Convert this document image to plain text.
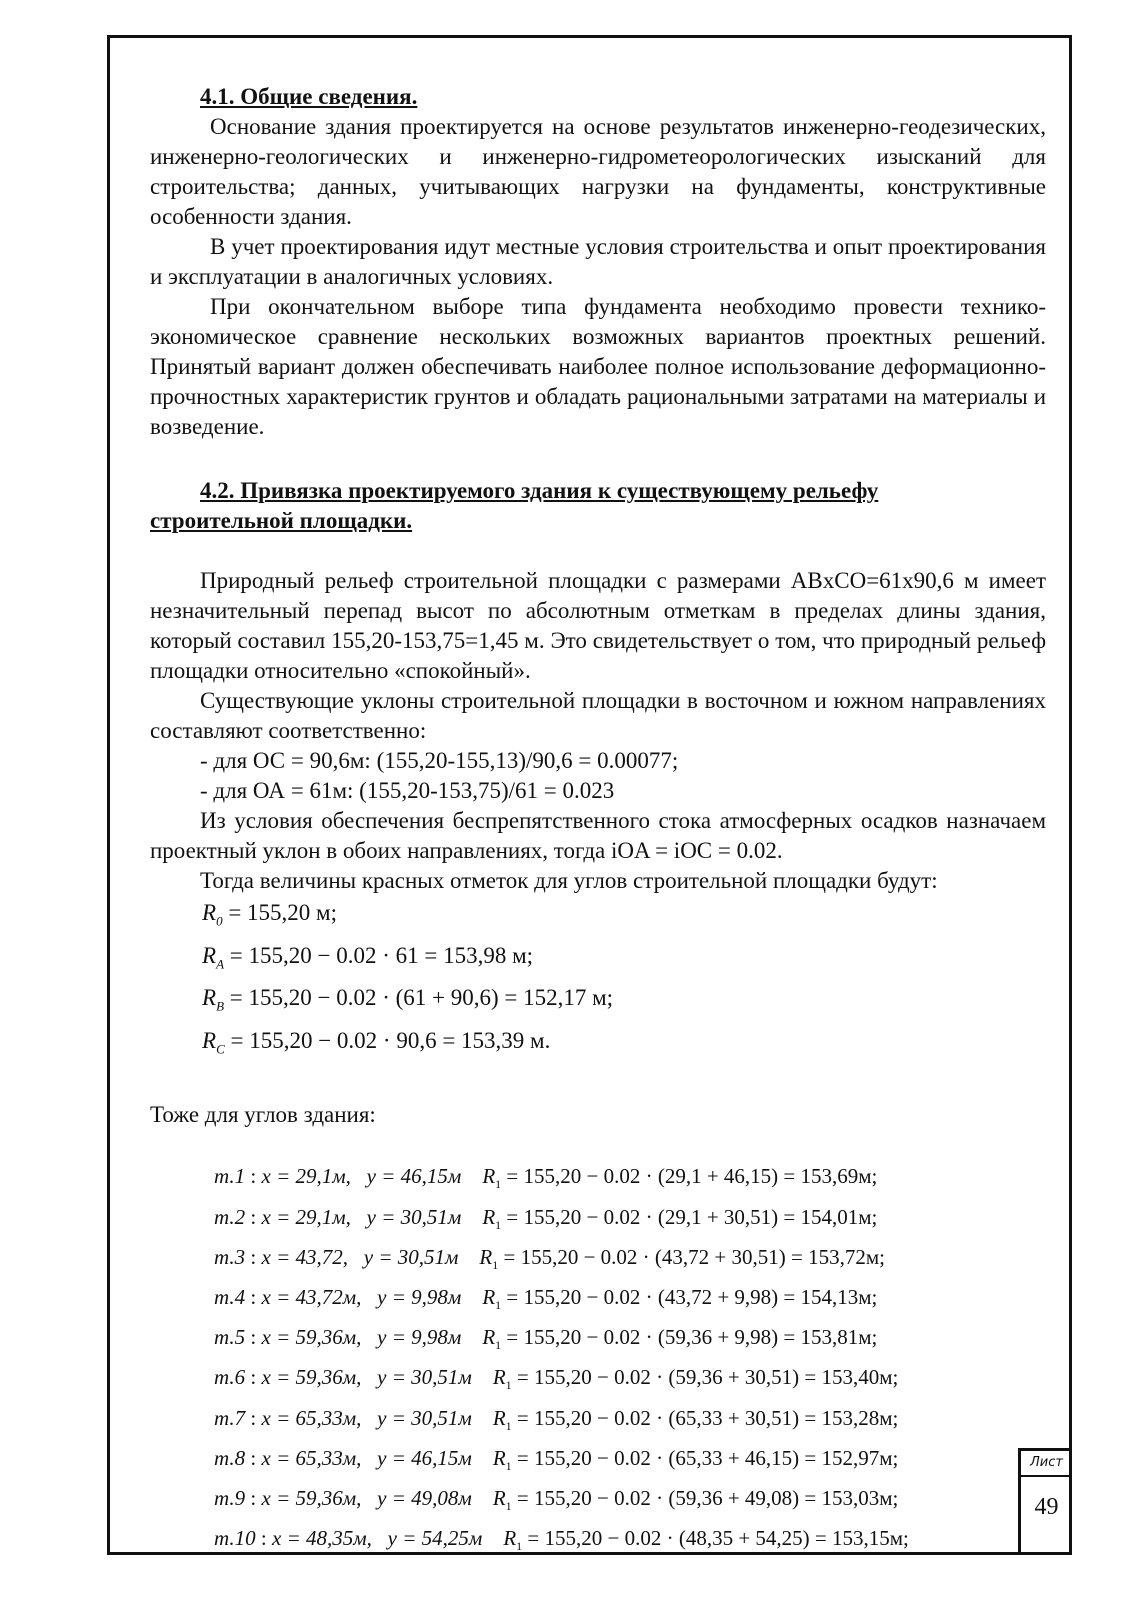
4.1. Общие сведения.

Основание здания проектируется на основе результатов инженерно-геодезических, инженерно-геологических и инженерно-гидрометеорологических изысканий для строительства; данных, учитывающих нагрузки на фундаменты, конструктивные особенности здания.

В учет проектирования идут местные условия строительства и опыт проектирования и эксплуатации в аналогичных условиях.

При окончательном выборе типа фундамента необходимо провести технико-экономическое сравнение нескольких возможных вариантов проектных решений. Принятый вариант должен обеспечивать наиболее полное использование деформационно-прочностных характеристик грунтов и обладать рациональными затратами на материалы и возведение.

4.2. Привязка проектируемого здания к существующему рельефу
строительной площадки.

Природный рельеф строительной площадки с размерами ABxCO=61x90,6 м имеет незначительный перепад высот по абсолютным отметкам в пределах длины здания, который составил 155,20-153,75=1,45 м. Это свидетельствует о том, что природный рельеф площадки относительно «спокойный».

Существующие уклоны строительной площадки в восточном и южном направлениях составляют соответственно:

- для ОС = 90,6м: (155,20-155,13)/90,6 = 0.00077;
- для ОА = 61м: (155,20-153,75)/61 = 0.023

Из условия обеспечения беспрепятственного стока атмосферных осадков назначаем проектный уклон в обоих направлениях, тогда iOA = iOC = 0.02.

Тогда величины красных отметок для углов строительной площадки будут:

$R_0 = 155,20$ м;
$R_A = 155,20 - 0.02 \cdot 61 = 153,98$ м;
$R_B = 155,20 - 0.02 \cdot (61 + 90,6) = 152,17$ м;
$R_C = 155,20 - 0.02 \cdot 90,6 = 153,39$ м.

Тоже для углов здания:

т.1 : x = 29,1м, y = 46,15м $R_1 = 155,20 - 0.02 \cdot (29,1 + 46,15) = 153,69м$;
т.2 : x = 29,1м, y = 30,51м $R_1 = 155,20 - 0.02 \cdot (29,1 + 30,51) = 154,01м$;
т.3 : x = 43,72, y = 30,51м $R_1 = 155,20 - 0.02 \cdot (43,72 + 30,51) = 153,72м$;
т.4 : x = 43,72м, y = 9,98м $R_1 = 155,20 - 0.02 \cdot (43,72 + 9,98) = 154,13м$;
т.5 : x = 59,36м, y = 9,98м $R_1 = 155,20 - 0.02 \cdot (59,36 + 9,98) = 153,81м$;
т.6 : x = 59,36м, y = 30,51м $R_1 = 155,20 - 0.02 \cdot (59,36 + 30,51) = 153,40м$;
т.7 : x = 65,33м, y = 30,51м $R_1 = 155,20 - 0.02 \cdot (65,33 + 30,51) = 153,28м$;
т.8 : x = 65,33м, y = 46,15м $R_1 = 155,20 - 0.02 \cdot (65,33 + 46,15) = 152,97м$;
т.9 : x = 59,36м, y = 49,08м $R_1 = 155,20 - 0.02 \cdot (59,36 + 49,08) = 153,03м$;
т.10 : x = 48,35м, y = 54,25м $R_1 = 155,20 - 0.02 \cdot (48,35 + 54,25) = 153,15м$;
Лист
49
